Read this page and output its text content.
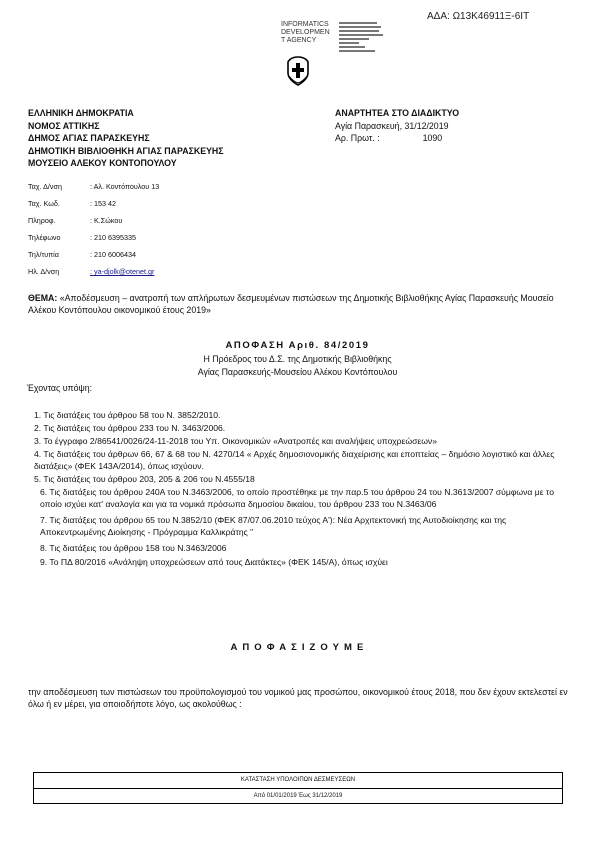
ΑΔΑ: Ω13Κ46911Ξ-6ΙΤ
INFORMATICS
DEVELOPMEN
T AGENCY
ΕΛΛΗΝΙΚΗ ΔΗΜΟΚΡΑΤΙΑ
ΝΟΜΟΣ ΑΤΤΙΚΗΣ
ΔΗΜΟΣ ΑΓΙΑΣ ΠΑΡΑΣΚΕΥΗΣ
ΔΗΜΟΤΙΚΗ ΒΙΒΛΙΟΘΗΚΗ ΑΓΙΑΣ ΠΑΡΑΣΚΕΥΗΣ
ΜΟΥΣΕΙΟ ΑΛΕΚΟΥ ΚΟΝΤΟΠΟΥΛΟΥ
ΑΝΑΡΤΗΤΕΑ ΣΤΟ ΔΙΑΔΙΚΤΥΟ
Αγία Παρασκευή, 31/12/2019
Αρ. Πρωτ. :	1090
Ταχ. Δ/νση	: Αλ. Κοντόπουλου 13
Ταχ. Κωδ.	: 153 42
Πληροφ.	: Κ.Σώκου
Τηλέφωνο	: 210 6395335
Τηλ/τυπία	: 210 6006434
Ηλ. Δ/νση	: ya-djolk@otenet.gr
ΘΕΜΑ: «Αποδέσμευση – ανατροπή των απλήρωτων δεσμευμένων πιστώσεων της Δημοτικής Βιβλιοθήκης Αγίας Παρασκευής Μουσείο Αλέκου Κοντόπουλου οικονομικού έτους 2019»
ΑΠΟΦΑΣΗ Αριθ. 84/2019
Η Πρόεδρος του Δ.Σ. της Δημοτικής Βιβλιοθήκης
Αγίας Παρασκευής-Μουσείου Αλέκου Κοντόπουλου
Έχοντας υπόψη:
1. Τις διατάξεις του άρθρου 58 του Ν. 3852/2010.
2. Τις διατάξεις του άρθρου 233 του Ν. 3463/2006.
3. Το έγγραφο 2/86541/0026/24-11-2018 του Υπ. Οικονομικών «Ανατροπές και αναλήψεις υποχρεώσεων»
4. Τις διατάξεις του άρθρων 66, 67 & 68 του Ν. 4270/14 « Αρχές δημοσιονομικής διαχείρισης και εποπτείας – δημόσιο λογιστικό και άλλες διατάξεις» (ΦΕΚ 143Α/2014), όπως ισχύουν.
5. Τις διατάξεις του άρθρου 203, 205 & 206 του Ν.4555/18
6. Τις διατάξεις του άρθρου 240Α του Ν.3463/2006, το οποίο προστέθηκε με την παρ.5 του άρθρου 24 του Ν.3613/2007 σύμφωνα με το οποίο ισχύει κατ' αναλογία και για τα νομικά πρόσωπα δημοσίου δικαίου, του άρθρου 233 του Ν.3463/06
7. Τις διατάξεις του άρθρου 65 του Ν.3852/10 (ΦΕΚ 87/07.06.2010 τεύχος Α'): Νέα Αρχιτεκτονική της Αυτοδιοίκησης και της Αποκεντρωμένης Διοίκησης - Πρόγραμμα Καλλικράτης "
8. Τις διατάξεις του άρθρου 158 του Ν.3463/2006
9. Το ΠΔ 80/2016 «Ανάληψη υποχρεώσεων από τους Διατάκτες» (ΦΕΚ 145/Α), όπως ισχύει
Α Π Ο Φ Α Σ Ι Ζ Ο Υ Μ Ε
την αποδέσμευση των πιστώσεων του προϋπολογισμού του νομικού μας προσώπου, οικονομικού έτους 2018, που δεν έχουν εκτελεστεί εν όλω ή εν μέρει, για οποιοδήποτε λόγο, ως ακολούθως :
ΚΑΤΑΣΤΑΣΗ ΥΠΟΛΟΙΠΩΝ ΔΕΣΜΕΥΣΕΩΝ
Από 01/01/2019 Έως 31/12/2019
